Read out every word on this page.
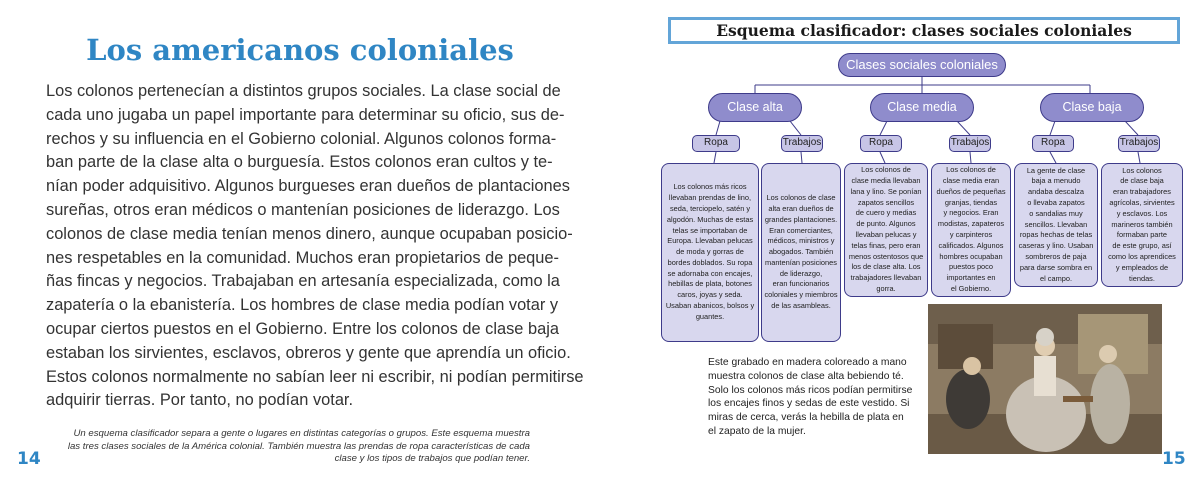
Los americanos coloniales

Los colonos pertenecían a distintos grupos sociales. La clase social de
cada uno jugaba un papel importante para determinar su oficio, sus de-
rechos y su influencia en el Gobierno colonial. Algunos colonos forma-
ban parte de la clase alta o burguesía. Estos colonos eran cultos y te-
nían poder adquisitivo. Algunos burgueses eran dueños de plantaciones
sureñas, otros eran médicos o mantenían posiciones de liderazgo. Los
colonos de clase media tenían menos dinero, aunque ocupaban posicio-
nes respetables en la comunidad. Muchos eran propietarios de peque-
ñas fincas y negocios. Trabajaban en artesanía especializada, como la
zapatería o la ebanistería. Los hombres de clase media podían votar y
ocupar ciertos puestos en el Gobierno. Entre los colonos de clase baja
estaban los sirvientes, esclavos, obreros y gente que aprendía un oficio.
Estos colonos normalmente no sabían leer ni escribir, ni podían permitirse
adquirir tierras. Por tanto, no podían votar.

Un esquema clasificador separa a gente o lugares en distintas categorías o grupos. Este esquema muestra
las tres clases sociales de la América colonial. También muestra las prendas de ropa características de cada
clase y los tipos de trabajos que podían tener.

14
Esquema clasificador: clases sociales coloniales
Clases sociales coloniales
Clase alta	Clase media	Clase baja
Ropa	Trabajos	Ropa	Trabajos	Ropa	Trabajos
Los colonos más ricos
llevaban prendas de lino,
seda, terciopelo, satén y
algodón. Muchas de estas
telas se importaban de
Europa. Llevaban pelucas
de moda y gorras de
bordes doblados. Su ropa
se adornaba con encajes,
hebillas de plata, botones
caros, joyas y seda.
Usaban abanicos, bolsos y
guantes.
Los colonos de clase
alta eran dueños de
grandes plantaciones.
Eran comerciantes,
médicos, ministros y
abogados. También
mantenían posiciones
de liderazgo,
eran funcionarios
coloniales y miembros
de las asambleas.
Los colonos de
clase media llevaban
lana y lino. Se ponían
zapatos sencillos
de cuero y medias
de punto. Algunos
llevaban pelucas y
telas finas, pero eran
menos ostentosos que
los de clase alta. Los
trabajadores llevaban
gorra.
Los colonos de
clase media eran
dueños de pequeñas
granjas, tiendas
y negocios. Eran
modistas, zapateros
y carpinteros
calificados. Algunos
hombres ocupaban
puestos poco
importantes en
el Gobierno.
La gente de clase
baja a menudo
andaba descalza
o llevaba zapatos
o sandalias muy
sencillos. Llevaban
ropas hechas de telas
caseras y lino. Usaban
sombreros de paja
para darse sombra en
el campo.
Los colonos
de clase baja
eran trabajadores
agrícolas, sirvientes
y esclavos. Los
marineros también
formaban parte
de este grupo, así
como los aprendices
y empleados de
tiendas.

Este grabado en madera coloreado a mano
muestra colonos de clase alta bebiendo té.
Solo los colonos más ricos podían permitirse
los encajes finos y sedas de este vestido. Si
miras de cerca, verás la hebilla de plata en
el zapato de la mujer.

15
